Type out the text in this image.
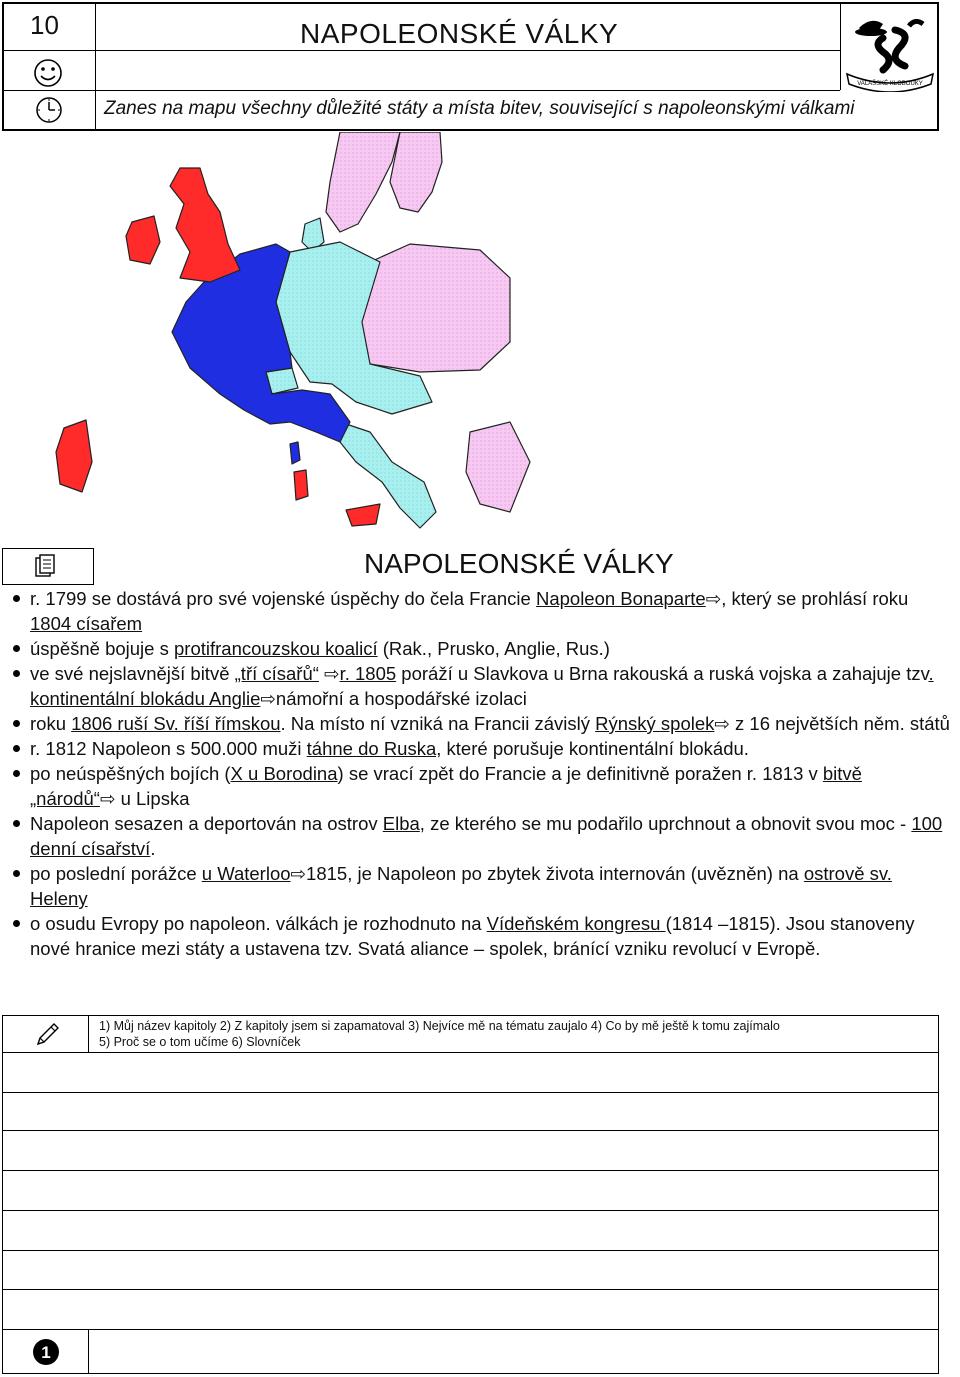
10	NAPOLEONSKÉ VÁLKY
Zanes na mapu všechny důležité státy a místa bitev, související s napoleonskými válkami
VALAŠSKÉ KLOBOUKY
NAPOLEONSKÉ VÁLKY
r. 1799 se dostává pro své vojenské úspěchy do čela Francie Napoleon Bonaparte⇨, který se prohlásí roku 1804 císařem
úspěšně bojuje s protifrancouzskou koalicí (Rak., Prusko, Anglie, Rus.)
ve své nejslavnější bitvě „tří císařů“ ⇨r. 1805 poráží u Slavkova u Brna rakouská a ruská vojska a zahajuje tzv. kontinentální blokádu Anglie⇨námořní a hospodářské izolaci
roku 1806 ruší Sv. říší římskou. Na místo ní vzniká na Francii závislý Rýnský spolek⇨ z 16 největších něm. států
r. 1812 Napoleon s 500.000 muži táhne do Ruska, které porušuje kontinentální blokádu.
po neúspěšných bojích (X u Borodina) se vrací zpět do Francie a je definitivně poražen r. 1813 v bitvě „národů“⇨ u Lipska
Napoleon sesazen a deportován na ostrov Elba, ze kterého se mu podařilo uprchnout a obnovit svou moc - 100 denní císařství.
po poslední porážce u Waterloo⇨1815, je Napoleon po zbytek života internován (uvězněn) na ostrově sv. Heleny
o osudu Evropy po napoleon. válkách je rozhodnuto na Vídeňském kongresu (1814 –1815). Jsou stanoveny nové hranice mezi státy a ustavena tzv. Svatá aliance – spolek, bránící vzniku revolucí v Evropě.
1) Můj název kapitoly 2) Z kapitoly jsem si zapamatoval 3) Nejvíce mě na tématu zaujalo 4) Co by mě ještě k tomu zajímalo
5) Proč se o tom učíme 6) Slovníček
1
